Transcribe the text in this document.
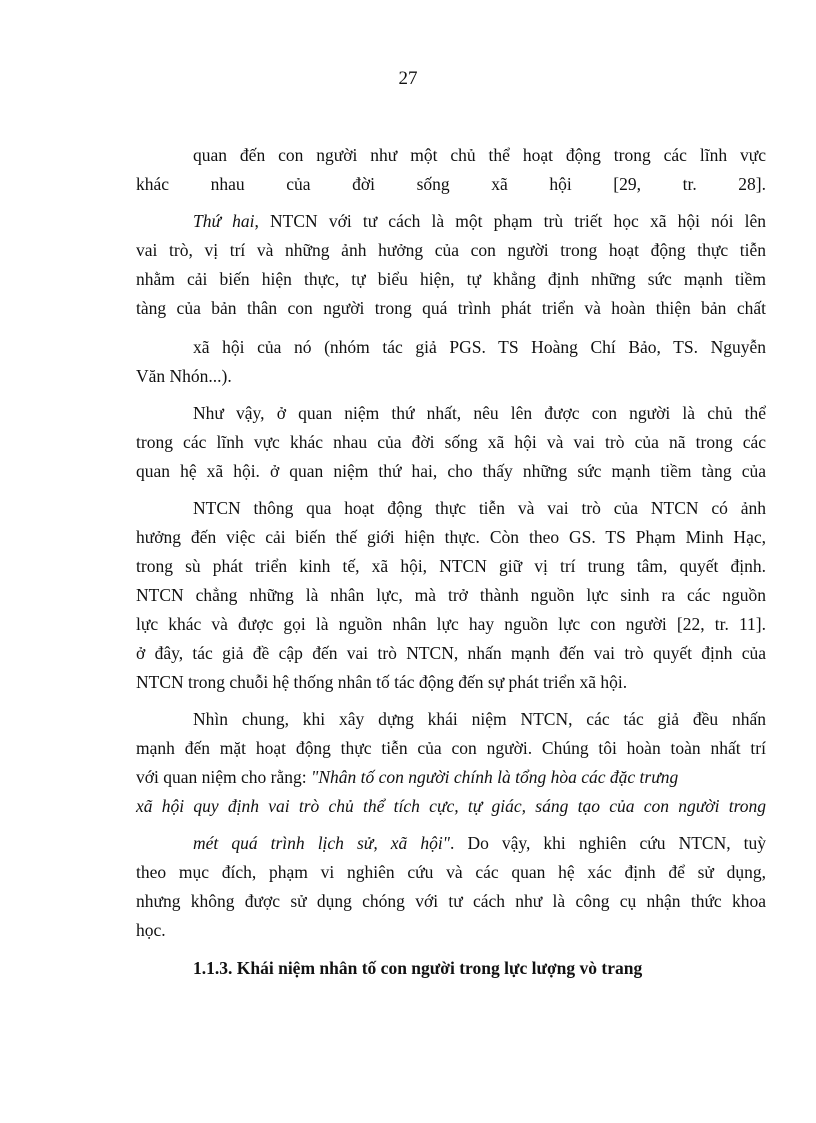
27
quan đến con người như một chủ thể hoạt động trong các lĩnh vực
khác nhau của đời sống xã hội [29, tr. 28].
Thứ hai, NTCN với tư cách là một phạm trù triết học xã hội nói lên
vai trò, vị trí và những ảnh hưởng của con người trong hoạt động thực tiễn
nhằm cải biến hiện thực, tự biểu hiện, tự khẳng định những sức mạnh tiềm
tàng của bản thân con người trong quá trình phát triển và hoàn thiện bản chất
xã hội của nó (nhóm tác giả PGS. TS Hoàng Chí Bảo, TS. Nguyễn
Văn Nhón...).
Như vậy, ở quan niệm thứ nhất, nêu lên được con người là chủ thể
trong các lĩnh vực khác nhau của đời sống xã hội và vai trò của nã trong các
quan hệ xã hội. ở quan niệm thứ hai, cho thấy những sức mạnh tiềm tàng của
NTCN thông qua hoạt động thực tiễn và vai trò của NTCN có ảnh
hưởng đến việc cải biến thế giới hiện thực. Còn theo GS. TS Phạm Minh Hạc,
trong sù phát triển kinh tế, xã hội, NTCN giữ vị trí trung tâm, quyết định.
NTCN chẳng những là nhân lực, mà trở thành nguồn lực sinh ra các nguồn
lực khác và được gọi là nguồn nhân lực hay nguồn lực con người [22, tr. 11].
ở đây, tác giả đề cập đến vai trò NTCN, nhấn mạnh đến vai trò quyết định của
NTCN trong chuỗi hệ thống nhân tố tác động đến sự phát triển xã hội.
Nhìn chung, khi xây dựng khái niệm NTCN, các tác giả đều nhấn
mạnh đến mặt hoạt động thực tiễn của con người. Chúng tôi hoàn toàn nhất trí
với quan niệm cho rằng: "Nhân tố con người chính là tổng hòa các đặc trưng
xã hội quy định vai trò chủ thể tích cực, tự giác, sáng tạo của con người trong
mét quá trình lịch sử, xã hội". Do vậy, khi nghiên cứu NTCN, tuỳ
theo mục đích, phạm vi nghiên cứu và các quan hệ xác định để sử dụng,
nhưng không được sử dụng chóng với tư cách như là công cụ nhận thức khoa
học.
1.1.3. Khái niệm nhân tố con người trong lực lượng vò trang
